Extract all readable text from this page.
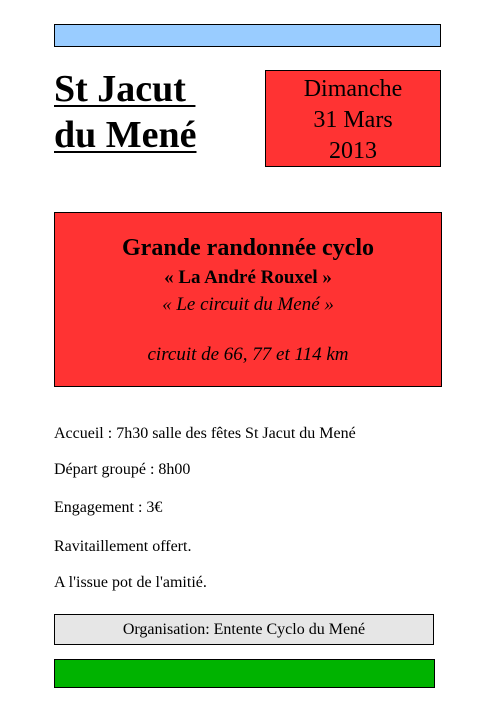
St Jacut
du Mené
Dimanche
31 Mars
2013
Grande randonnée cyclo
« La André Rouxel »
« Le circuit du Mené »
circuit de 66, 77 et 114 km
Accueil : 7h30 salle des fêtes St Jacut du Mené
Départ groupé : 8h00
Engagement : 3€
Ravitaillement offert.
A l'issue pot de l'amitié.
Organisation: Entente Cyclo du Mené
